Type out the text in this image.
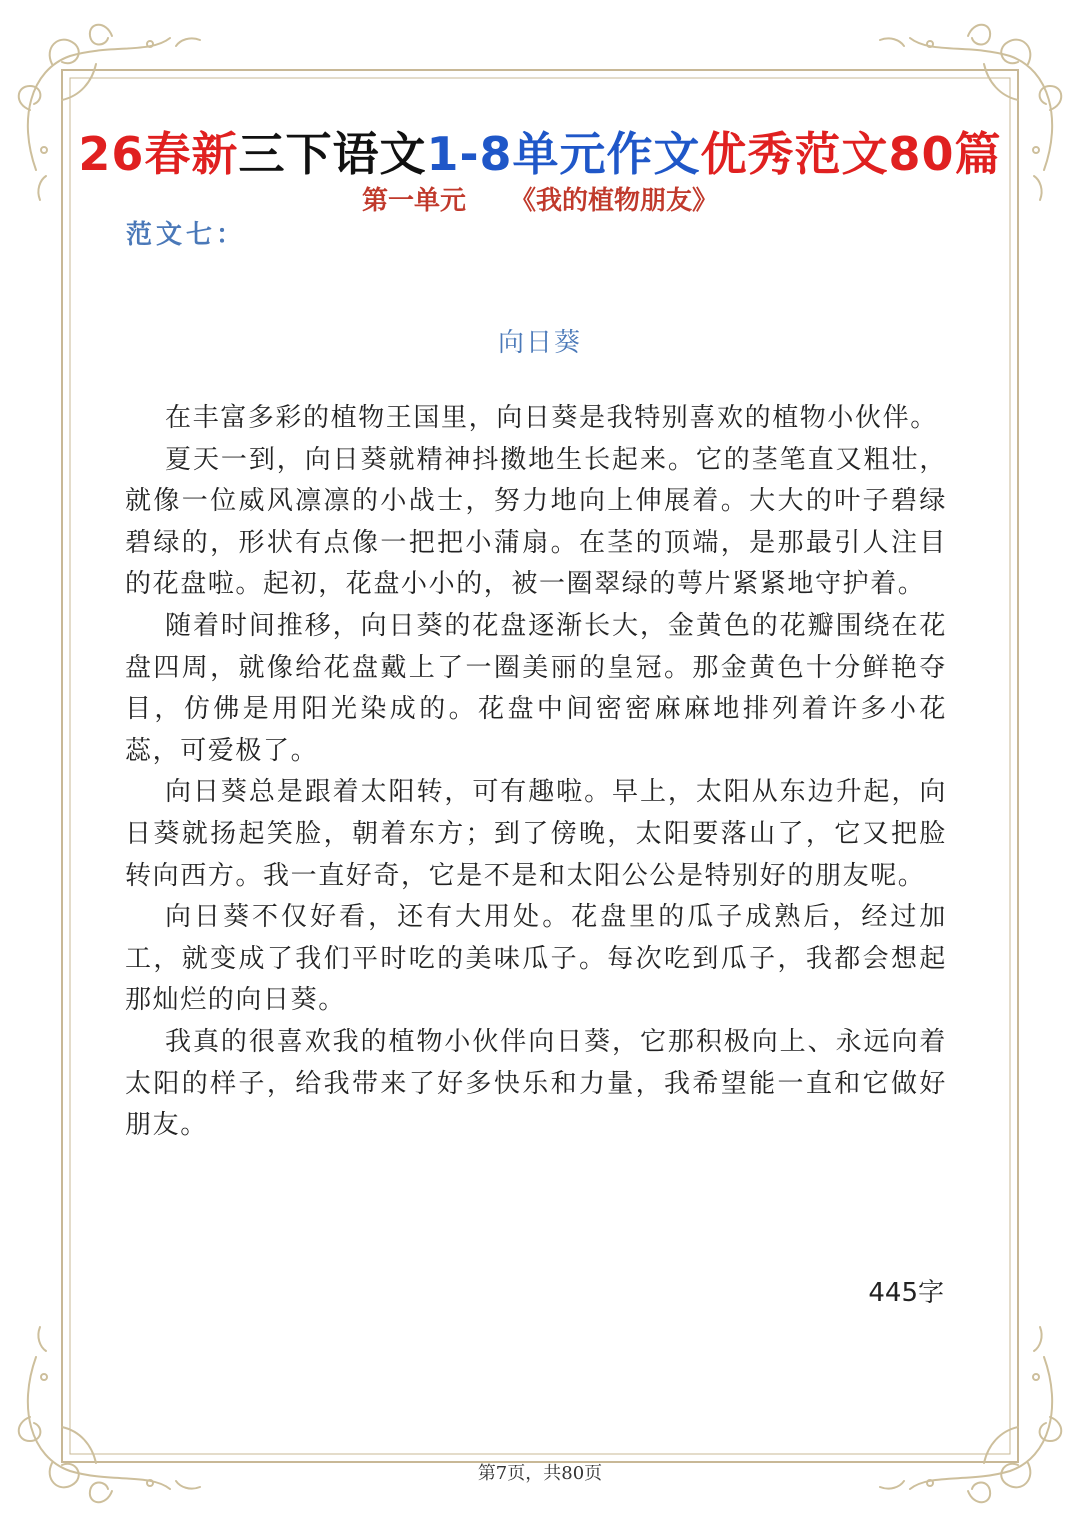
26春新三下语文1-8单元作文优秀范文80篇
第一单元 《我的植物朋友》
范文七：
向日葵

在丰富多彩的植物王国里，向日葵是我特别喜欢的植物小伙伴。

夏天一到，向日葵就精神抖擞地生长起来。它的茎笔直又粗壮，就像一位威风凛凛的小战士，努力地向上伸展着。大大的叶子碧绿碧绿的，形状有点像一把把小蒲扇。在茎的顶端，是那最引人注目的花盘啦。起初，花盘小小的，被一圈翠绿的萼片紧紧地守护着。

随着时间推移，向日葵的花盘逐渐长大，金黄色的花瓣围绕在花盘四周，就像给花盘戴上了一圈美丽的皇冠。那金黄色十分鲜艳夺目，仿佛是用阳光染成的。花盘中间密密麻麻地排列着许多小花蕊，可爱极了。

向日葵总是跟着太阳转，可有趣啦。早上，太阳从东边升起，向日葵就扬起笑脸，朝着东方；到了傍晚，太阳要落山了，它又把脸转向西方。我一直好奇，它是不是和太阳公公是特别好的朋友呢。

向日葵不仅好看，还有大用处。花盘里的瓜子成熟后，经过加工，就变成了我们平时吃的美味瓜子。每次吃到瓜子，我都会想起那灿烂的向日葵。

我真的很喜欢我的植物小伙伴向日葵，它那积极向上、永远向着太阳的样子，给我带来了好多快乐和力量，我希望能一直和它做好朋友。

445字
第7页，共80页
